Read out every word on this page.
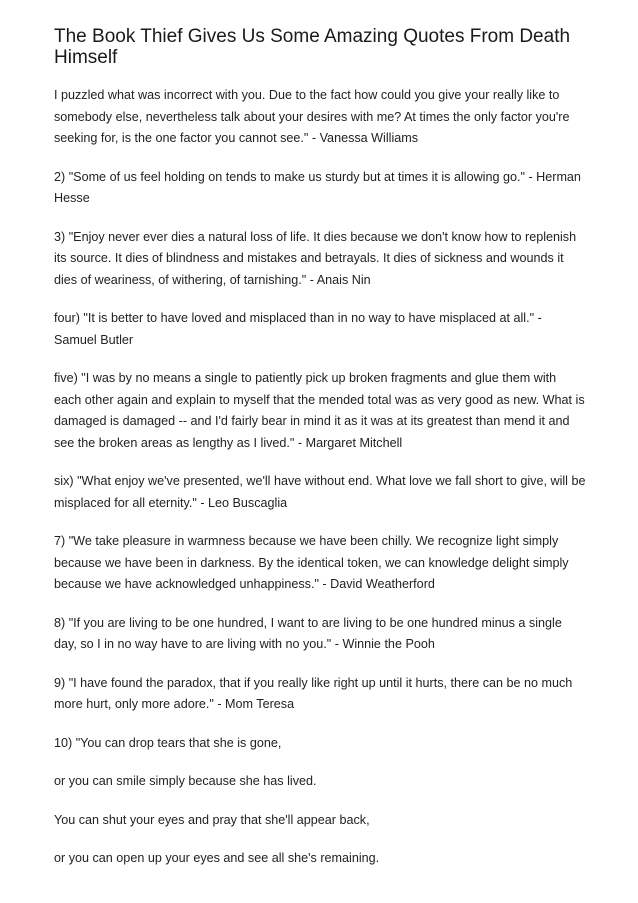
The Book Thief Gives Us Some Amazing Quotes From Death Himself

I puzzled what was incorrect with you. Due to the fact how could you give your really like to somebody else, nevertheless talk about your desires with me? At times the only factor you're seeking for, is the one factor you cannot see." - Vanessa Williams

2) "Some of us feel holding on tends to make us sturdy but at times it is allowing go." - Herman Hesse

3) "Enjoy never ever dies a natural loss of life. It dies because we don't know how to replenish its source. It dies of blindness and mistakes and betrayals. It dies of sickness and wounds it dies of weariness, of withering, of tarnishing." - Anais Nin

four) "It is better to have loved and misplaced than in no way to have misplaced at all." - Samuel Butler

five) "I was by no means a single to patiently pick up broken fragments and glue them with each other again and explain to myself that the mended total was as very good as new. What is damaged is damaged -- and I'd fairly bear in mind it as it was at its greatest than mend it and see the broken areas as lengthy as I lived." - Margaret Mitchell

six) "What enjoy we've presented, we'll have without end. What love we fall short to give, will be misplaced for all eternity." - Leo Buscaglia

7) "We take pleasure in warmness because we have been chilly. We recognize light simply because we have been in darkness. By the identical token, we can knowledge delight simply because we have acknowledged unhappiness." - David Weatherford

8) "If you are living to be one hundred, I want to are living to be one hundred minus a single day, so I in no way have to are living with no you." - Winnie the Pooh

9) "I have found the paradox, that if you really like right up until it hurts, there can be no much more hurt, only more adore." - Mom Teresa

10) "You can drop tears that she is gone,

or you can smile simply because she has lived.

You can shut your eyes and pray that she'll appear back,

or you can open up your eyes and see all she's remaining.
